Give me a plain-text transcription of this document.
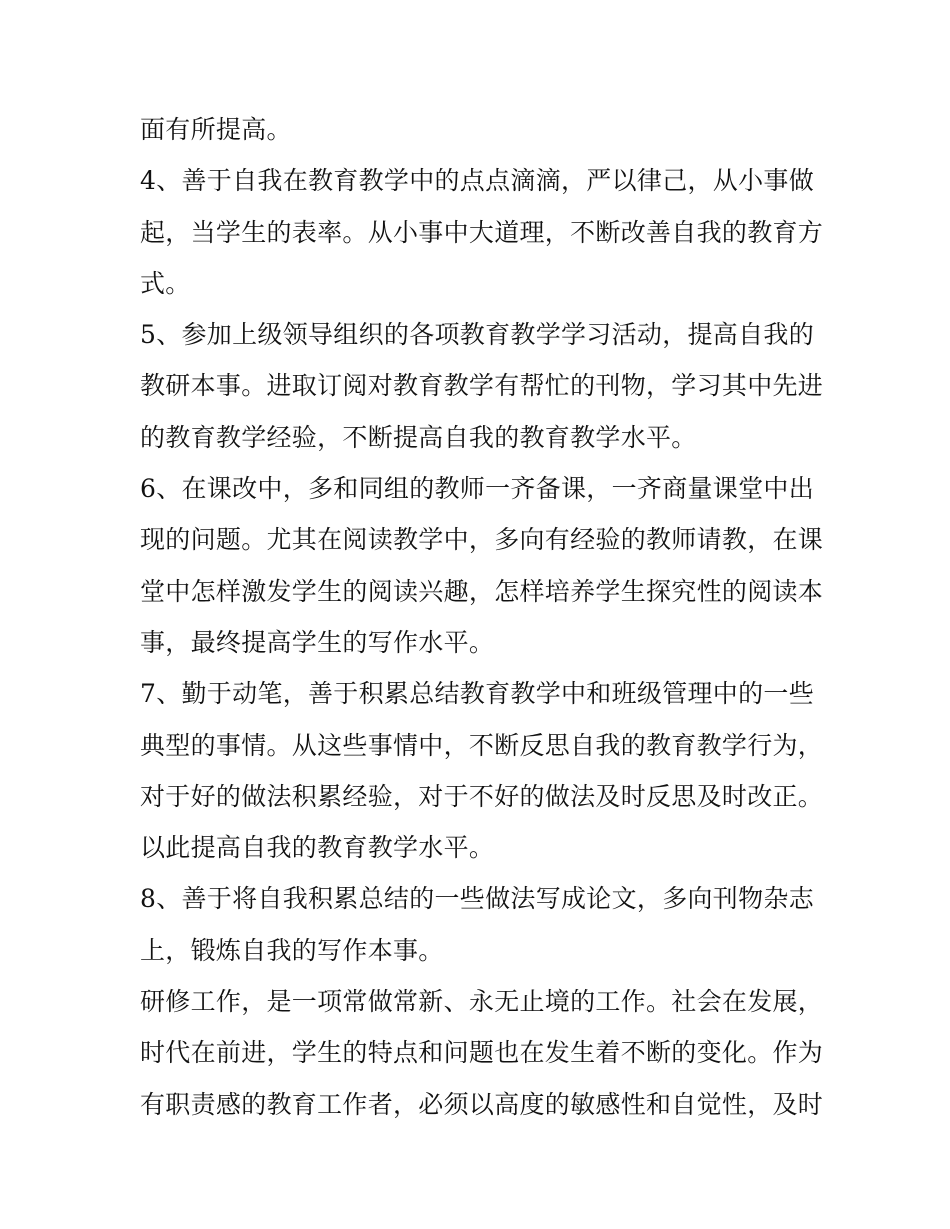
面有所提高。
4、善于自我在教育教学中的点点滴滴，严以律己，从小事做
起，当学生的表率。从小事中大道理，不断改善自我的教育方
式。
5、参加上级领导组织的各项教育教学学习活动，提高自我的
教研本事。进取订阅对教育教学有帮忙的刊物，学习其中先进
的教育教学经验，不断提高自我的教育教学水平。
6、在课改中，多和同组的教师一齐备课，一齐商量课堂中出
现的问题。尤其在阅读教学中，多向有经验的教师请教，在课
堂中怎样激发学生的阅读兴趣，怎样培养学生探究性的阅读本
事，最终提高学生的写作水平。
7、勤于动笔，善于积累总结教育教学中和班级管理中的一些
典型的事情。从这些事情中，不断反思自我的教育教学行为，
对于好的做法积累经验，对于不好的做法及时反思及时改正。
以此提高自我的教育教学水平。
8、善于将自我积累总结的一些做法写成论文，多向刊物杂志
上，锻炼自我的写作本事。
研修工作，是一项常做常新、永无止境的工作。社会在发展，
时代在前进，学生的特点和问题也在发生着不断的变化。作为
有职责感的教育工作者，必须以高度的敏感性和自觉性，及时
